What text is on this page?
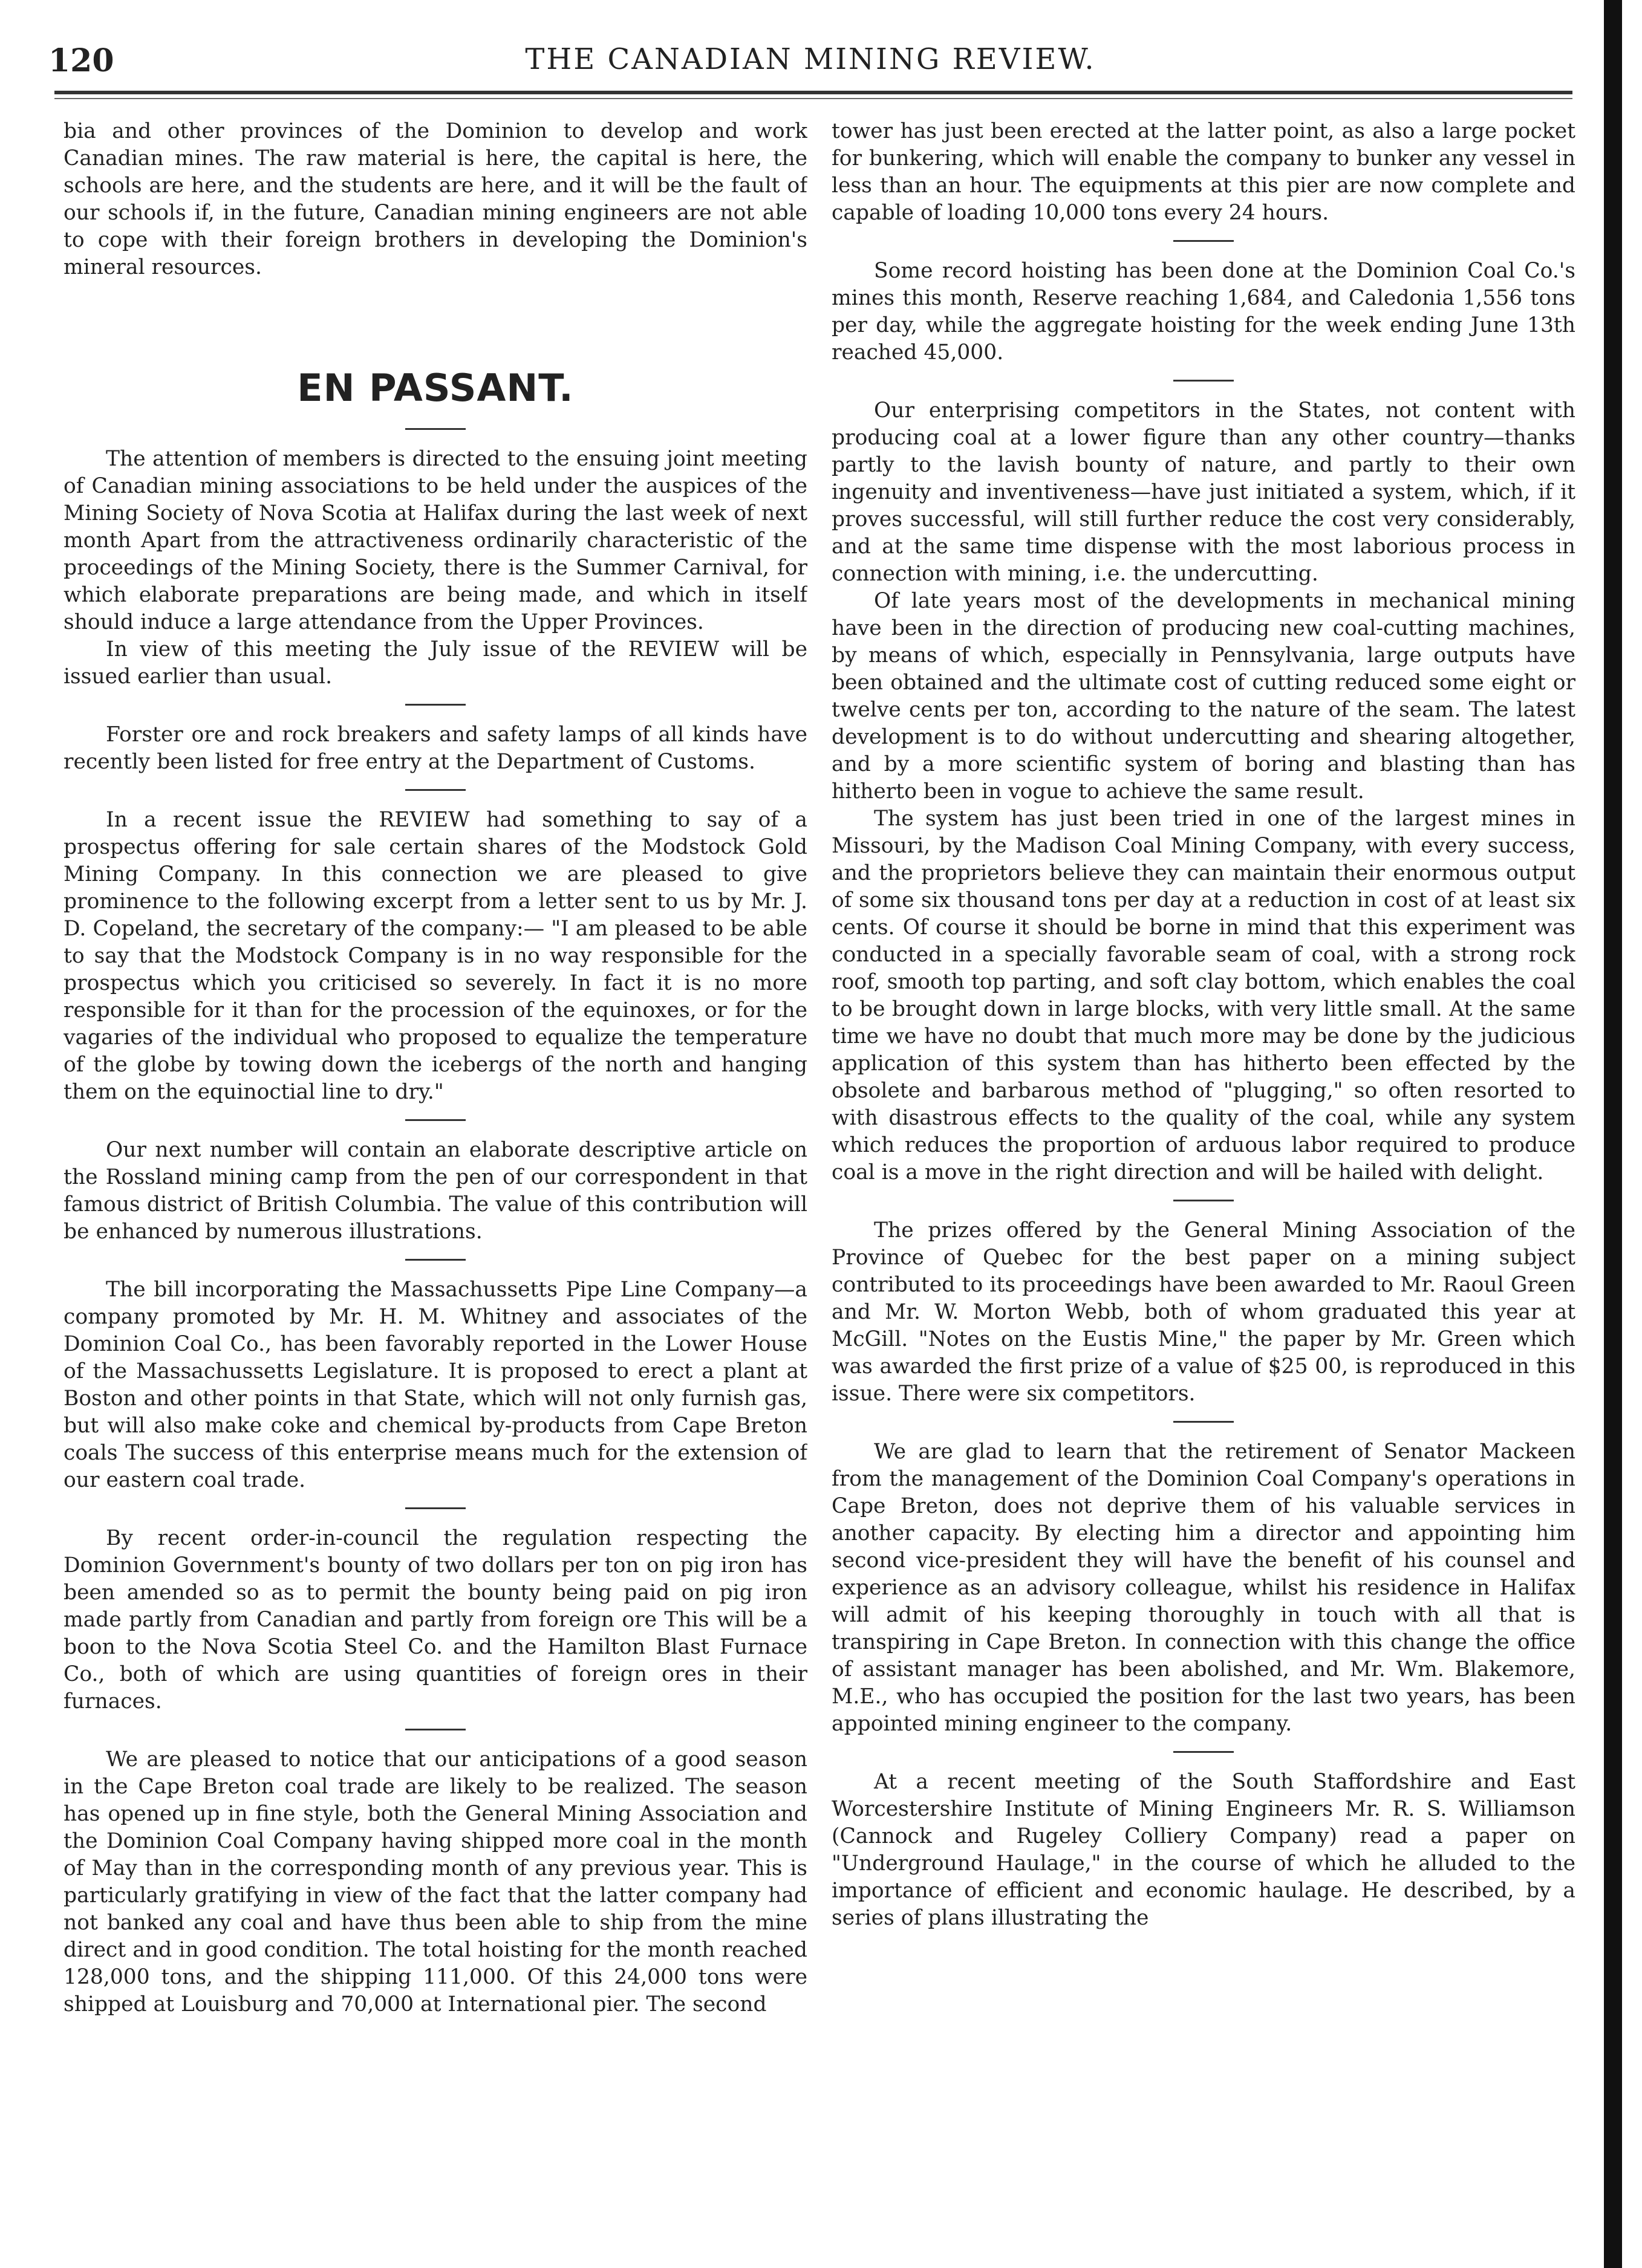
120	THE CANADIAN MINING REVIEW.

bia and other provinces of the Dominion to develop and work Canadian mines. The raw material is here, the capital is here, the schools are here, and the students are here, and it will be the fault of our schools if, in the future, Canadian mining engineers are not able to cope with their foreign brothers in developing the Dominion's mineral resources.

EN PASSANT.

The attention of members is directed to the ensuing joint meeting of Canadian mining associations to be held under the auspices of the Mining Society of Nova Scotia at Halifax during the last week of next month Apart from the attractiveness ordinarily characteristic of the proceedings of the Mining Society, there is the Summer Carnival, for which elaborate preparations are being made, and which in itself should induce a large attendance from the Upper Provinces.

In view of this meeting the July issue of the REVIEW will be issued earlier than usual.

Forster ore and rock breakers and safety lamps of all kinds have recently been listed for free entry at the Department of Customs.

In a recent issue the REVIEW had something to say of a prospectus offering for sale certain shares of the Modstock Gold Mining Company. In this connection we are pleased to give prominence to the following excerpt from a letter sent to us by Mr. J. D. Copeland, the secretary of the company:— "I am pleased to be able to say that the Modstock Company is in no way responsible for the prospectus which you criticised so severely. In fact it is no more responsible for it than for the procession of the equinoxes, or for the vagaries of the individual who proposed to equalize the temperature of the globe by towing down the icebergs of the north and hanging them on the equinoctial line to dry."

Our next number will contain an elaborate descriptive article on the Rossland mining camp from the pen of our correspondent in that famous district of British Columbia. The value of this contribution will be enhanced by numerous illustrations.

The bill incorporating the Massachussetts Pipe Line Company—a company promoted by Mr. H. M. Whitney and associates of the Dominion Coal Co., has been favorably reported in the Lower House of the Massachussetts Legislature. It is proposed to erect a plant at Boston and other points in that State, which will not only furnish gas, but will also make coke and chemical by-products from Cape Breton coals The success of this enterprise means much for the extension of our eastern coal trade.

By recent order-in-council the regulation respecting the Dominion Government's bounty of two dollars per ton on pig iron has been amended so as to permit the bounty being paid on pig iron made partly from Canadian and partly from foreign ore This will be a boon to the Nova Scotia Steel Co. and the Hamilton Blast Furnace Co., both of which are using quantities of foreign ores in their furnaces.

We are pleased to notice that our anticipations of a good season in the Cape Breton coal trade are likely to be realized. The season has opened up in fine style, both the General Mining Association and the Dominion Coal Company having shipped more coal in the month of May than in the corresponding month of any previous year. This is particularly gratifying in view of the fact that the latter company had not banked any coal and have thus been able to ship from the mine direct and in good condition. The total hoisting for the month reached 128,000 tons, and the shipping 111,000. Of this 24,000 tons were shipped at Louisburg and 70,000 at International pier. The second

tower has just been erected at the latter point, as also a large pocket for bunkering, which will enable the company to bunker any vessel in less than an hour. The equipments at this pier are now complete and capable of loading 10,000 tons every 24 hours.

Some record hoisting has been done at the Dominion Coal Co.'s mines this month, Reserve reaching 1,684, and Caledonia 1,556 tons per day, while the aggregate hoisting for the week ending June 13th reached 45,000.

Our enterprising competitors in the States, not content with producing coal at a lower figure than any other country—thanks partly to the lavish bounty of nature, and partly to their own ingenuity and inventiveness—have just initiated a system, which, if it proves successful, will still further reduce the cost very considerably, and at the same time dispense with the most laborious process in connection with mining, i.e. the undercutting.

Of late years most of the developments in mechanical mining have been in the direction of producing new coal-cutting machines, by means of which, especially in Pennsylvania, large outputs have been obtained and the ultimate cost of cutting reduced some eight or twelve cents per ton, according to the nature of the seam. The latest development is to do without undercutting and shearing altogether, and by a more scientific system of boring and blasting than has hitherto been in vogue to achieve the same result.

The system has just been tried in one of the largest mines in Missouri, by the Madison Coal Mining Company, with every success, and the proprietors believe they can maintain their enormous output of some six thousand tons per day at a reduction in cost of at least six cents. Of course it should be borne in mind that this experiment was conducted in a specially favorable seam of coal, with a strong rock roof, smooth top parting, and soft clay bottom, which enables the coal to be brought down in large blocks, with very little small. At the same time we have no doubt that much more may be done by the judicious application of this system than has hitherto been effected by the obsolete and barbarous method of "plugging," so often resorted to with disastrous effects to the quality of the coal, while any system which reduces the proportion of arduous labor required to produce coal is a move in the right direction and will be hailed with delight.

The prizes offered by the General Mining Association of the Province of Quebec for the best paper on a mining subject contributed to its proceedings have been awarded to Mr. Raoul Green and Mr. W. Morton Webb, both of whom graduated this year at McGill. "Notes on the Eustis Mine," the paper by Mr. Green which was awarded the first prize of a value of $25 00, is reproduced in this issue. There were six competitors.

We are glad to learn that the retirement of Senator Mackeen from the management of the Dominion Coal Company's operations in Cape Breton, does not deprive them of his valuable services in another capacity. By electing him a director and appointing him second vice-president they will have the benefit of his counsel and experience as an advisory colleague, whilst his residence in Halifax will admit of his keeping thoroughly in touch with all that is transpiring in Cape Breton. In connection with this change the office of assistant manager has been abolished, and Mr. Wm. Blakemore, M.E., who has occupied the position for the last two years, has been appointed mining engineer to the company.

At a recent meeting of the South Staffordshire and East Worcestershire Institute of Mining Engineers Mr. R. S. Williamson (Cannock and Rugeley Colliery Company) read a paper on "Underground Haulage," in the course of which he alluded to the importance of efficient and economic haulage. He described, by a series of plans illustrating the
